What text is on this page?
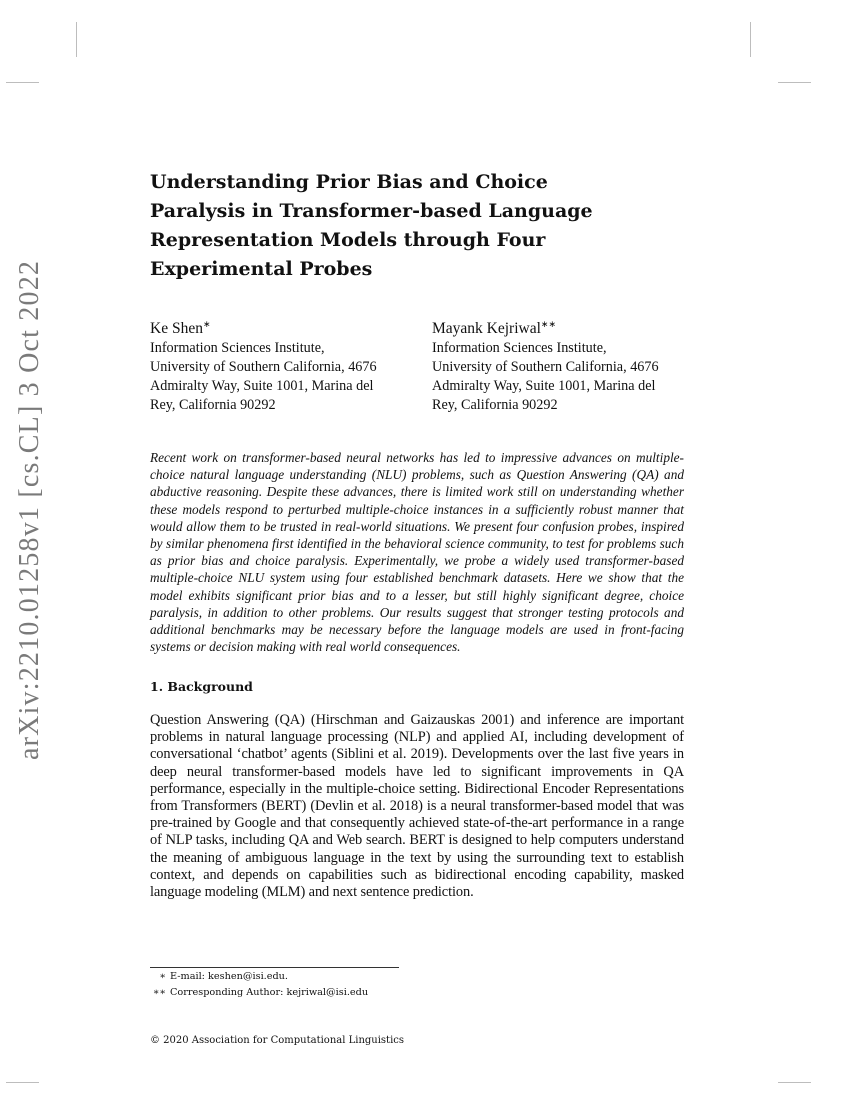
arXiv:2210.01258v1 [cs.CL] 3 Oct 2022
Understanding Prior Bias and Choice Paralysis in Transformer-based Language Representation Models through Four Experimental Probes
Ke Shen∗
Information Sciences Institute,
University of Southern California, 4676
Admiralty Way, Suite 1001, Marina del
Rey, California 90292
Mayank Kejriwal∗∗
Information Sciences Institute,
University of Southern California, 4676
Admiralty Way, Suite 1001, Marina del
Rey, California 90292

Recent work on transformer-based neural networks has led to impressive advances on multiple-choice natural language understanding (NLU) problems, such as Question Answering (QA) and abductive reasoning. Despite these advances, there is limited work still on understanding whether these models respond to perturbed multiple-choice instances in a sufficiently robust manner that would allow them to be trusted in real-world situations. We present four confusion probes, inspired by similar phenomena first identified in the behavioral science community, to test for problems such as prior bias and choice paralysis. Experimentally, we probe a widely used transformer-based multiple-choice NLU system using four established benchmark datasets. Here we show that the model exhibits significant prior bias and to a lesser, but still highly significant degree, choice paralysis, in addition to other problems. Our results suggest that stronger testing protocols and additional benchmarks may be necessary before the language models are used in front-facing systems or decision making with real world consequences.

1. Background

Question Answering (QA) (Hirschman and Gaizauskas 2001) and inference are important problems in natural language processing (NLP) and applied AI, including development of conversational ‘chatbot’ agents (Siblini et al. 2019). Developments over the last five years in deep neural transformer-based models have led to significant improvements in QA performance, especially in the multiple-choice setting. Bidirectional Encoder Representations from Transformers (BERT) (Devlin et al. 2018) is a neural transformer-based model that was pre-trained by Google and that consequently achieved state-of-the-art performance in a range of NLP tasks, including QA and Web search. BERT is designed to help computers understand the meaning of ambiguous language in the text by using the surrounding text to establish context, and depends on capabilities such as bidirectional encoding capability, masked language modeling (MLM) and next sentence prediction.

∗ E-mail: keshen@isi.edu.

∗∗ Corresponding Author: kejriwal@isi.edu

© 2020 Association for Computational Linguistics
